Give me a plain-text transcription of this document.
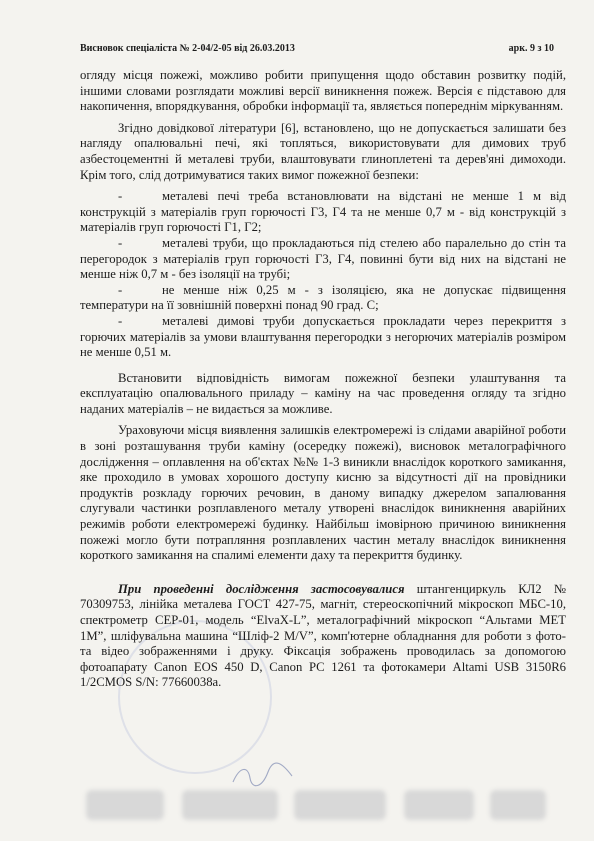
Висновок спеціаліста № 2-04/2-05 від 26.03.2013	арк. 9 з 10

огляду місця пожежі, можливо робити припущення щодо обставин розвитку подій, іншими словами розглядати можливі версії виникнення пожеж. Версія є підставою для накопичення, впорядкування, обробки інформації та, являється попереднім міркуванням.

Згідно довідкової літератури [6], встановлено, що не допускається залишати без нагляду опалювальні печі, які топляться, використовувати для димових труб азбестоцементні й металеві труби, влаштовувати глиноплетені та дерев'яні димоходи. Крім того, слід дотримуватися таких вимог пожежної безпеки:

-	металеві печі треба встановлювати на відстані не менше 1 м від конструкцій з матеріалів груп горючості Г3, Г4 та не менше 0,7 м - від конструкцій з матеріалів груп горючості Г1, Г2;

-	металеві труби, що прокладаються під стелею або паралельно до стін та перегородок з матеріалів груп горючості Г3, Г4, повинні бути від них на відстані не менше ніж 0,7 м - без ізоляції на трубі;

-	не менше ніж 0,25 м - з ізоляцією, яка не допускає підвищення температури на її зовнішній поверхні понад 90 град. С;

-	металеві димові труби допускається прокладати через перекриття з горючих матеріалів за умови влаштування перегородки з негорючих матеріалів розміром не менше 0,51 м.

Встановити відповідність вимогам пожежної безпеки улаштування та експлуатацію опалювального приладу – каміну на час проведення огляду та згідно наданих матеріалів – не видається за можливе.

Ураховуючи місця виявлення залишків електромережі із слідами аварійної роботи в зоні розташування труби каміну (осередку пожежі), висновок металографічного дослідження – оплавлення на об'єктах №№ 1-3 виникли внаслідок короткого замикання, яке проходило в умовах хорошого доступу кисню за відсутності дії на провідники продуктів розкладу горючих речовин, в даному випадку джерелом запалювання слугували частинки розплавленого металу утворені внаслідок виникнення аварійних режимів роботи електромережі будинку. Найбільш імовірною причиною виникнення пожежі могло бути потрапляння розплавлених частин металу внаслідок виникнення короткого замикання на спалимі елементи даху та перекриття будинку.

При проведенні дослідження застосовувалися штангенциркуль КЛ2 № 70309753, лінійка металева ГОСТ 427-75, магніт, стереоскопічний мікроскоп МБС-10, спектрометр СЕР-01, модель “ElvaX-L”, металографічний мікроскоп “Альтами МЕТ 1М”, шліфувальна машина “Шліф-2 М/V”, комп'ютерне обладнання для роботи з фото- та відео зображеннями і друку. Фіксація зображень проводилась за допомогою фотоапарату Canon EOS 450 D, Canon PC 1261 та фотокамери Altami USB 3150R6 1/2CMOS S/N: 77660038а.
